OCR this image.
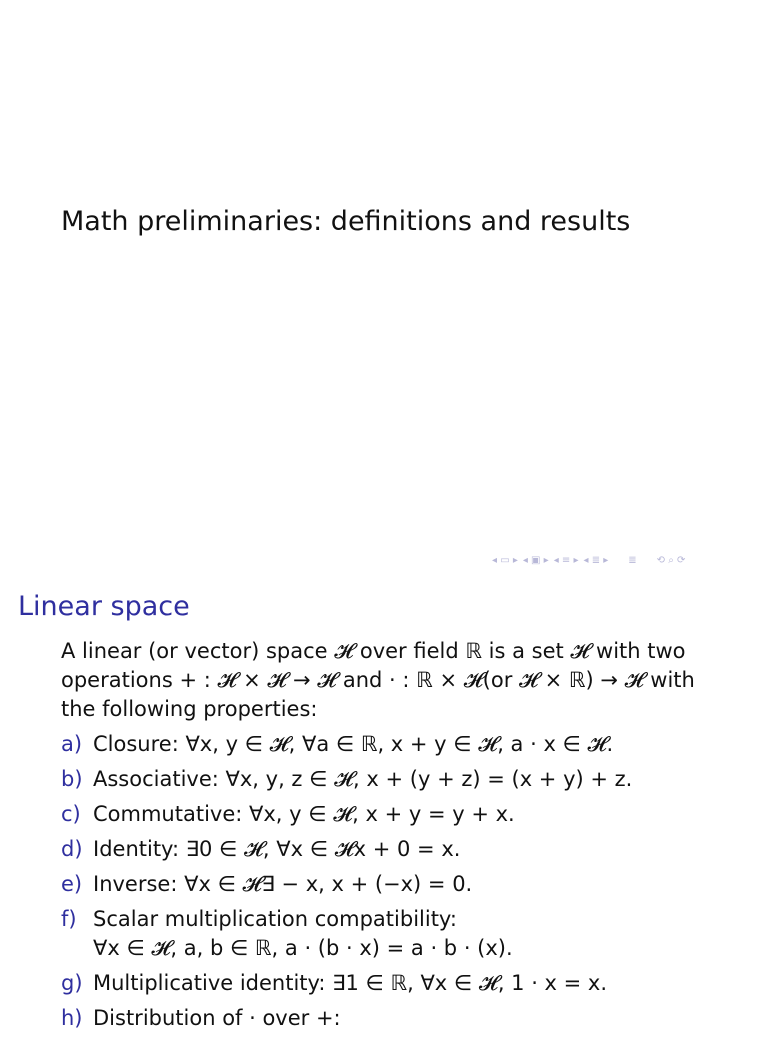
Math preliminaries: definitions and results
◂ ▭ ▸ ◂ ▣ ▸ ◂ ≡ ▸ ◂ ≣ ▸ ≣ ⟲ ⌕ ⟳
Linear space

A linear (or vector) space 𝓗 over field ℝ is a set 𝓗 with two

operations + : 𝓗 × 𝓗 → 𝓗 and · : ℝ × 𝓗(or 𝓗 × ℝ) → 𝓗 with

the following properties:

a) Closure: ∀x, y ∈ 𝓗, ∀a ∈ ℝ, x + y ∈ 𝓗, a · x ∈ 𝓗.
b) Associative: ∀x, y, z ∈ 𝓗, x + (y + z) = (x + y) + z.
c) Commutative: ∀x, y ∈ 𝓗, x + y = y + x.
d) Identity: ∃0 ∈ 𝓗, ∀x ∈ 𝓗x + 0 = x.
e) Inverse: ∀x ∈ 𝓗∃ − x, x + (−x) = 0.
f) Scalar multiplication compatibility:
∀x ∈ 𝓗, a, b ∈ ℝ, a · (b · x) = a · b · (x).
g) Multiplicative identity: ∃1 ∈ ℝ, ∀x ∈ 𝓗, 1 · x = x.
h) Distribution of · over +:
